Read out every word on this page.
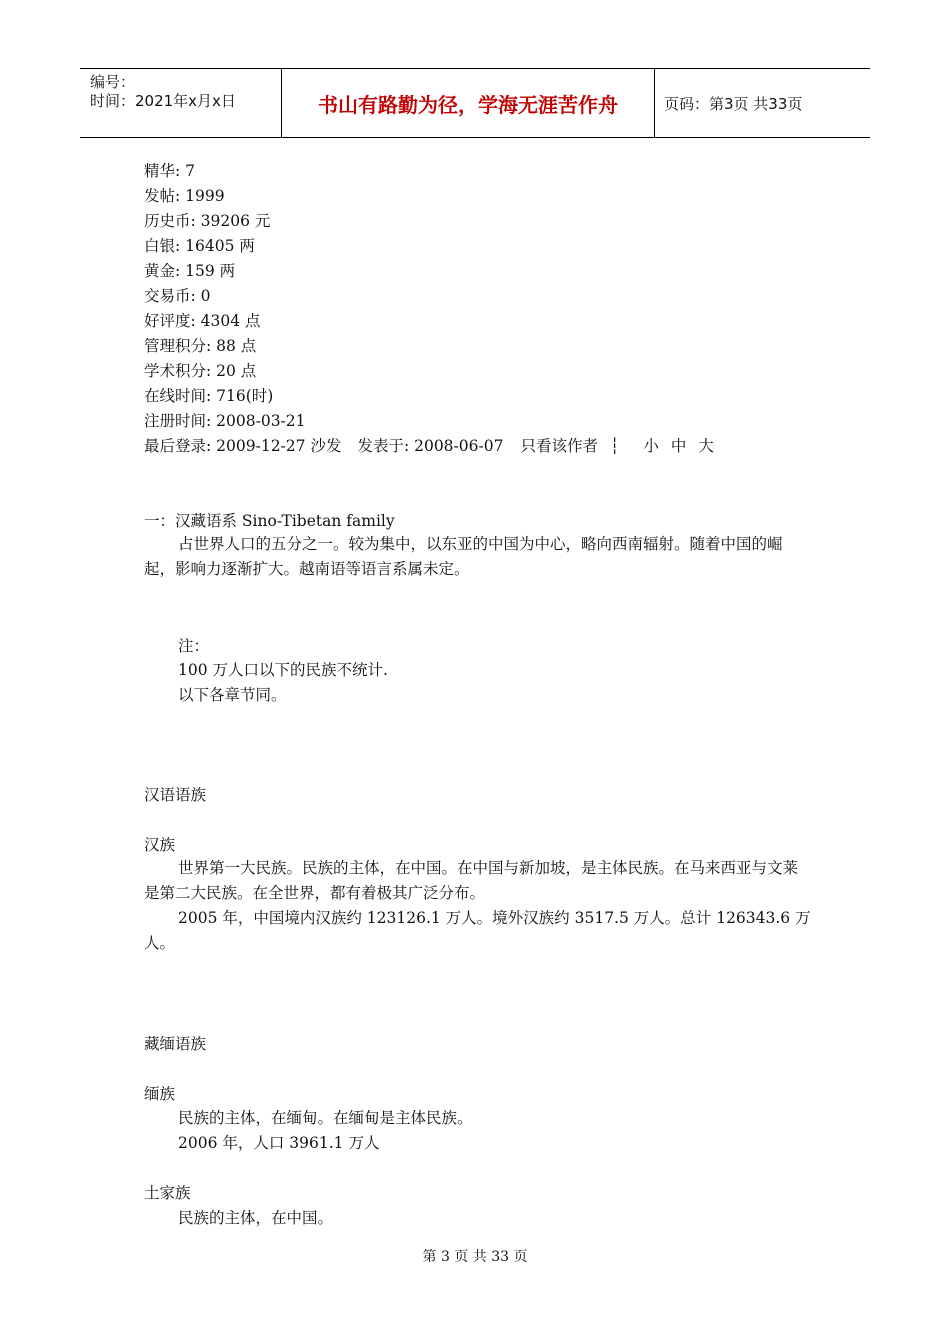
编号：
时间：2021年x月x日	书山有路勤为径，学海无涯苦作舟	页码：第3页 共33页
精华: 7
发帖: 1999
历史币: 39206 元
白银: 16405 两
黄金: 159 两
交易币: 0
好评度: 4304 点
管理积分: 88 点
学术积分: 20 点
在线时间: 716(时)
注册时间: 2008-03-21
最后登录: 2009-12-27 沙发 发表于: 2008-06-07 只看该作者 ┆ 小 中 大
一：汉藏语系 Sino-Tibetan family
占世界人口的五分之一。较为集中，以东亚的中国为中心，略向西南辐射。随着中国的崛起，影响力逐渐扩大。越南语等语言系属未定。
注：
100 万人口以下的民族不统计.
以下各章节同。
汉语语族
汉族
世界第一大民族。民族的主体，在中国。在中国与新加坡，是主体民族。在马来西亚与文莱是第二大民族。在全世界，都有着极其广泛分布。
2005 年，中国境内汉族约 123126.1 万人。境外汉族约 3517.5 万人。总计 126343.6 万人。
藏缅语族
缅族
民族的主体，在缅甸。在缅甸是主体民族。
2006 年，人口 3961.1 万人
土家族
民族的主体，在中国。
第 3 页 共 33 页
